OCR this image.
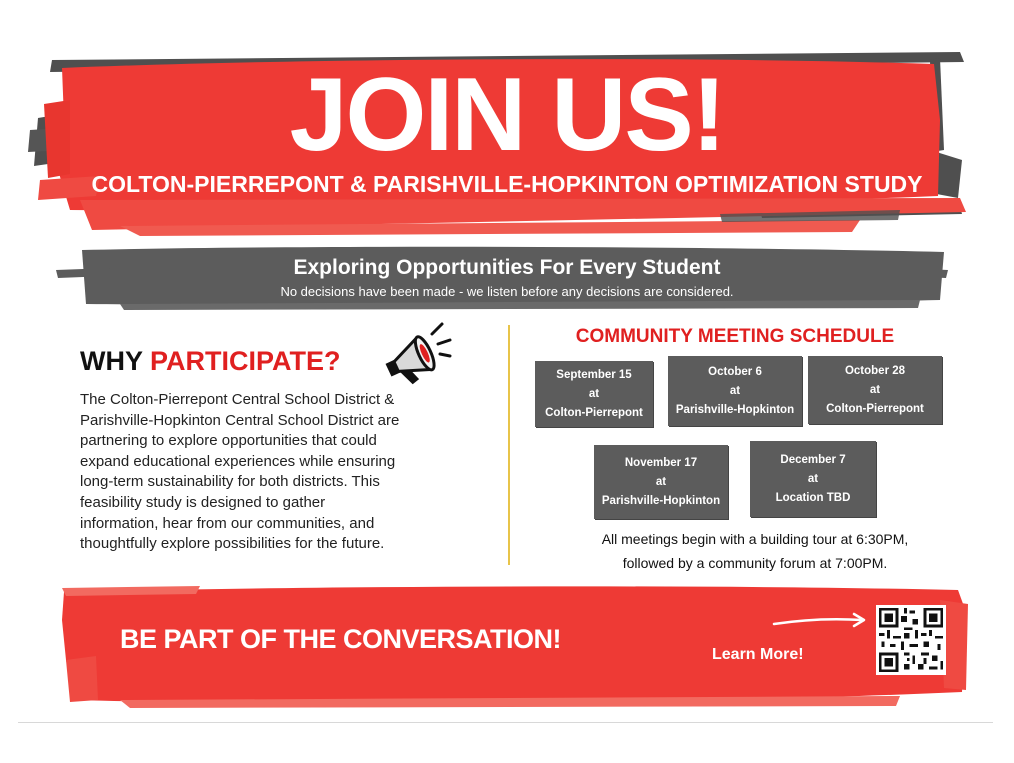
JOIN US!
COLTON-PIERREPONT & PARISHVILLE-HOPKINTON OPTIMIZATION STUDY
Exploring Opportunities For Every Student
No decisions have been made - we listen before any decisions are considered.
WHY PARTICIPATE?
The Colton-Pierrepont Central School District &
Parishville-Hopkinton Central School District are
partnering to explore opportunities that could
expand educational experiences while ensuring
long-term sustainability for both districts. This
feasibility study is designed to gather
information, hear from our communities, and
thoughtfully explore possibilities for the future.
COMMUNITY MEETING SCHEDULE
September 15
at
Colton-Pierrepont
October 6
at
Parishville-Hopkinton
October 28
at
Colton-Pierrepont
November 17
at
Parishville-Hopkinton
December 7
at
Location TBD
All meetings begin with a building tour at 6:30PM,
followed by a community forum at 7:00PM.
BE PART OF THE CONVERSATION!
Learn More!
